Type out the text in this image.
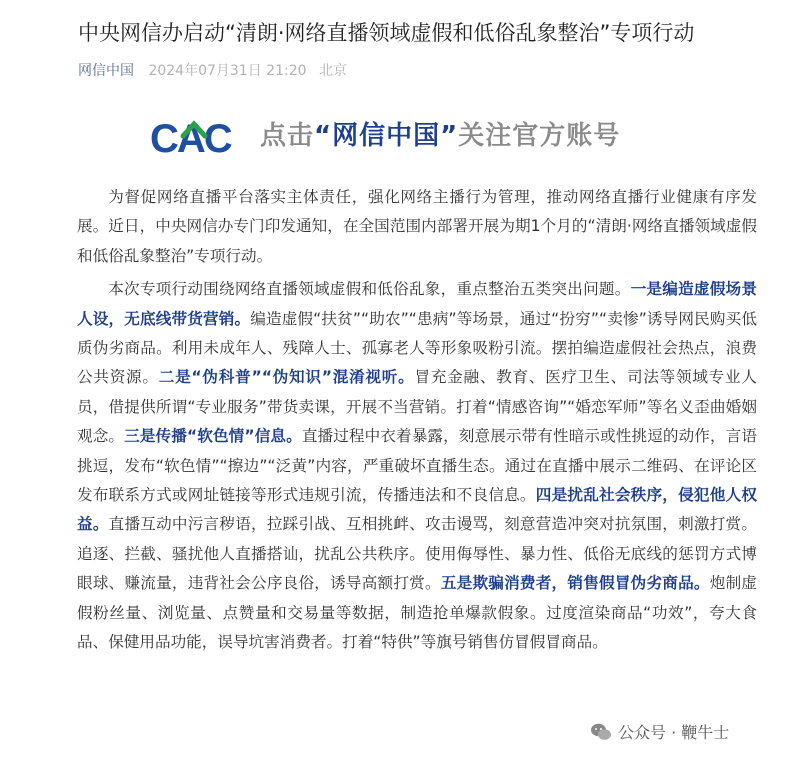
中央网信办启动“清朗·网络直播领域虚假和低俗乱象整治”专项行动
网信中国 2024年07月31日 21:20 北京
CAC 点击“网信中国”关注官方账号

为督促网络直播平台落实主体责任，强化网络主播行为管理，推动网络直播行业健康有序发展。近日，中央网信办专门印发通知，在全国范围内部署开展为期1个月的“清朗·网络直播领域虚假和低俗乱象整治”专项行动。

本次专项行动围绕网络直播领域虚假和低俗乱象，重点整治五类突出问题。一是编造虚假场景人设，无底线带货营销。编造虚假“扶贫”“助农”“患病”等场景，通过“扮穷”“卖惨”诱导网民购买低质伪劣商品。利用未成年人、残障人士、孤寡老人等形象吸粉引流。摆拍编造虚假社会热点，浪费公共资源。二是“伪科普”“伪知识”混淆视听。冒充金融、教育、医疗卫生、司法等领域专业人员，借提供所谓“专业服务”带货卖课，开展不当营销。打着“情感咨询”“婚恋军师”等名义歪曲婚姻观念。三是传播“软色情”信息。直播过程中衣着暴露，刻意展示带有性暗示或性挑逗的动作，言语挑逗，发布“软色情”“擦边”“泛黄”内容，严重破坏直播生态。通过在直播中展示二维码、在评论区发布联系方式或网址链接等形式违规引流，传播违法和不良信息。四是扰乱社会秩序，侵犯他人权益。直播互动中污言秽语，拉踩引战、互相挑衅、攻击谩骂，刻意营造冲突对抗氛围，刺激打赏。追逐、拦截、骚扰他人直播搭讪，扰乱公共秩序。使用侮辱性、暴力性、低俗无底线的惩罚方式博眼球、赚流量，违背社会公序良俗，诱导高额打赏。五是欺骗消费者，销售假冒伪劣商品。炮制虚假粉丝量、浏览量、点赞量和交易量等数据，制造抢单爆款假象。过度渲染商品“功效”，夸大食品、保健用品功能，误导坑害消费者。打着“特供”等旗号销售仿冒假冒商品。

公众号 · 鞭牛士
